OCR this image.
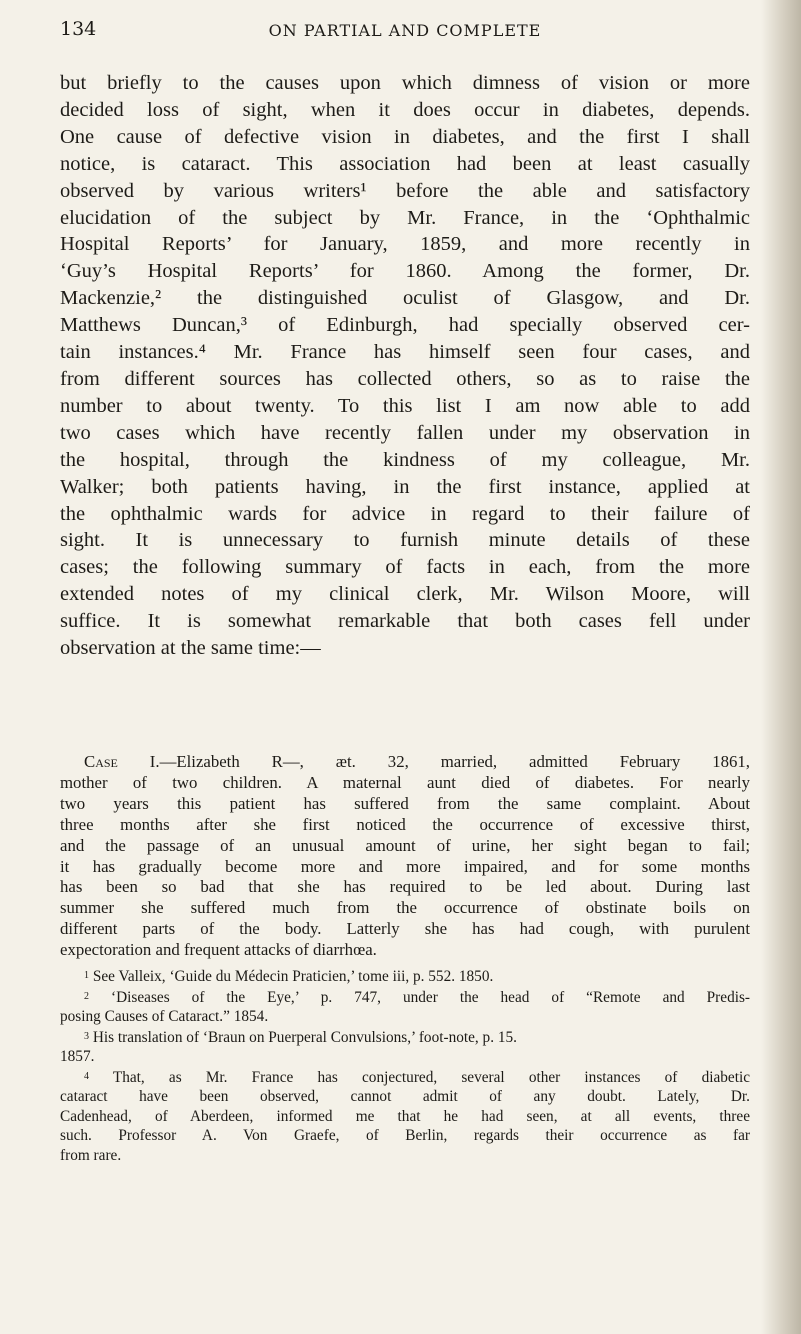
134	ON PARTIAL AND COMPLETE

but briefly to the causes upon which dimness of vision or more
decided loss of sight, when it does occur in diabetes, depends.
One cause of defective vision in diabetes, and the first I shall
notice, is cataract. This association had been at least casually
observed by various writers¹ before the able and satisfactory
elucidation of the subject by Mr. France, in the ‘Ophthalmic
Hospital Reports’ for January, 1859, and more recently in
‘Guy’s Hospital Reports’ for 1860. Among the former, Dr.
Mackenzie,² the distinguished oculist of Glasgow, and Dr.
Matthews Duncan,³ of Edinburgh, had specially observed cer-
tain instances.⁴ Mr. France has himself seen four cases, and
from different sources has collected others, so as to raise the
number to about twenty. To this list I am now able to add
two cases which have recently fallen under my observation in
the hospital, through the kindness of my colleague, Mr.
Walker; both patients having, in the first instance, applied at
the ophthalmic wards for advice in regard to their failure of
sight. It is unnecessary to furnish minute details of these
cases; the following summary of facts in each, from the more
extended notes of my clinical clerk, Mr. Wilson Moore, will
suffice. It is somewhat remarkable that both cases fell under
observation at the same time:—

Case I.—Elizabeth R—, æt. 32, married, admitted February 1861,
mother of two children. A maternal aunt died of diabetes. For nearly
two years this patient has suffered from the same complaint. About
three months after she first noticed the occurrence of excessive thirst,
and the passage of an unusual amount of urine, her sight began to fail;
it has gradually become more and more impaired, and for some months
has been so bad that she has required to be led about. During last
summer she suffered much from the occurrence of obstinate boils on
different parts of the body. Latterly she has had cough, with purulent
expectoration and frequent attacks of diarrhœa.

1 See Valleix, ‘Guide du Médecin Praticien,’ tome iii, p. 552. 1850.
2 ‘Diseases of the Eye,’ p. 747, under the head of “Remote and Predis-
posing Causes of Cataract.” 1854.
3 His translation of ‘Braun on Puerperal Convulsions,’ foot-note, p. 15.
1857.
4 That, as Mr. France has conjectured, several other instances of diabetic
cataract have been observed, cannot admit of any doubt. Lately, Dr.
Cadenhead, of Aberdeen, informed me that he had seen, at all events, three
such. Professor A. Von Graefe, of Berlin, regards their occurrence as far
from rare.
